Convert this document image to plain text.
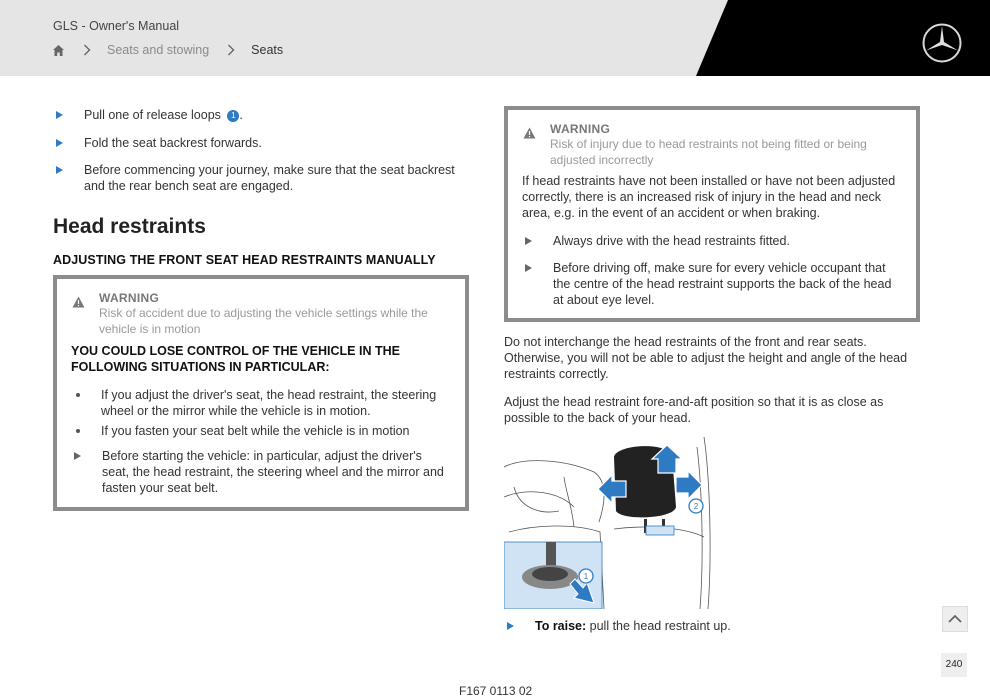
GLS - Owner's Manual
Seats and stowing	Seats
Pull one of release loops 1 .
Fold the seat backrest forwards.
Before commencing your journey, make sure that the seat backrest and the rear bench seat are engaged.
Head restraints
ADJUSTING THE FRONT SEAT HEAD RESTRAINTS MANUALLY
WARNING
Risk of accident due to adjusting the vehicle settings while the vehicle is in motion
YOU COULD LOSE CONTROL OF THE VEHICLE IN THE FOLLOWING SITUATIONS IN PARTICULAR:
If you adjust the driver's seat, the head restraint, the steering wheel or the mirror while the vehicle is in motion.
If you fasten your seat belt while the vehicle is in motion
Before starting the vehicle: in particular, adjust the driver's seat, the head restraint, the steering wheel and the mirror and fasten your seat belt.
WARNING
Risk of injury due to head restraints not being fitted or being adjusted incorrectly
If head restraints have not been installed or have not been adjusted correctly, there is an increased risk of injury in the head and neck area, e.g. in the event of an accident or when braking.
Always drive with the head restraints fitted.
Before driving off, make sure for every vehicle occupant that the centre of the head restraint supports the back of the head at about eye level.
Do not interchange the head restraints of the front and rear seats. Otherwise, you will not be able to adjust the height and angle of the head restraints correctly.
Adjust the head restraint fore-and-aft position so that it is as close as possible to the back of your head.
To raise: pull the head restraint up.
2
1
F167 0113 02
240
